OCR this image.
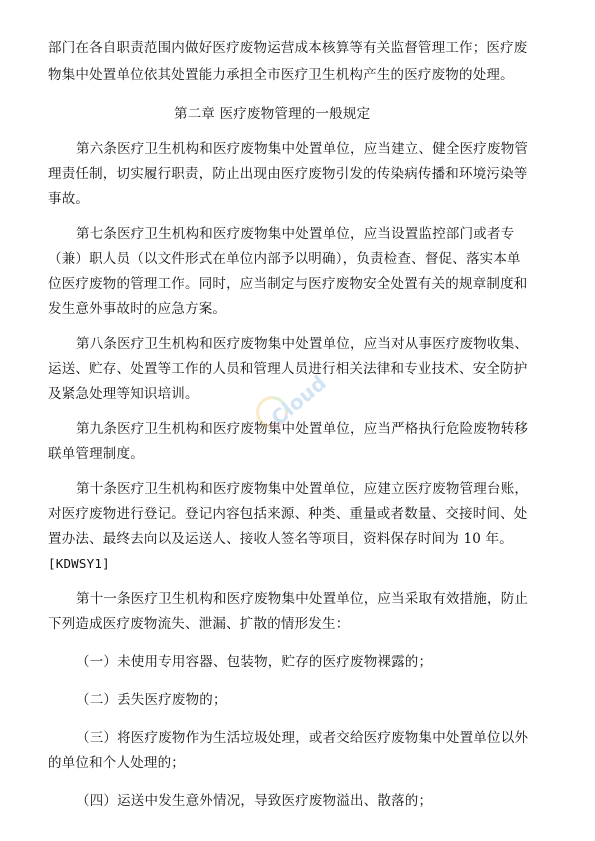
部门在各自职责范围内做好医疗废物运营成本核算等有关监督管理工作；医疗废
物集中处置单位依其处置能力承担全市医疗卫生机构产生的医疗废物的处理。
第二章 医疗废物管理的一般规定
第六条医疗卫生机构和医疗废物集中处置单位，应当建立、健全医疗废物管
理责任制，切实履行职责，防止出现由医疗废物引发的传染病传播和环境污染等
事故。
第七条医疗卫生机构和医疗废物集中处置单位，应当设置监控部门或者专
（兼）职人员（以文件形式在单位内部予以明确），负责检查、督促、落实本单
位医疗废物的管理工作。同时，应当制定与医疗废物安全处置有关的规章制度和
发生意外事故时的应急方案。
第八条医疗卫生机构和医疗废物集中处置单位，应当对从事医疗废物收集、
运送、贮存、处置等工作的人员和管理人员进行相关法律和专业技术、安全防护
及紧急处理等知识培训。
第九条医疗卫生机构和医疗废物集中处置单位，应当严格执行危险废物转移
联单管理制度。
第十条医疗卫生机构和医疗废物集中处置单位，应建立医疗废物管理台账，
对医疗废物进行登记。登记内容包括来源、种类、重量或者数量、交接时间、处
置办法、最终去向以及运送人、接收人签名等项目，资料保存时间为 10 年。
[KDWSY1]
第十一条医疗卫生机构和医疗废物集中处置单位，应当采取有效措施，防止
下列造成医疗废物流失、泄漏、扩散的情形发生：
（一）未使用专用容器、包装物，贮存的医疗废物裸露的；
（二）丢失医疗废物的；
（三）将医疗废物作为生活垃圾处理，或者交给医疗废物集中处置单位以外
的单位和个人处理的；
（四）运送中发生意外情况，导致医疗废物溢出、散落的；
Cloud
